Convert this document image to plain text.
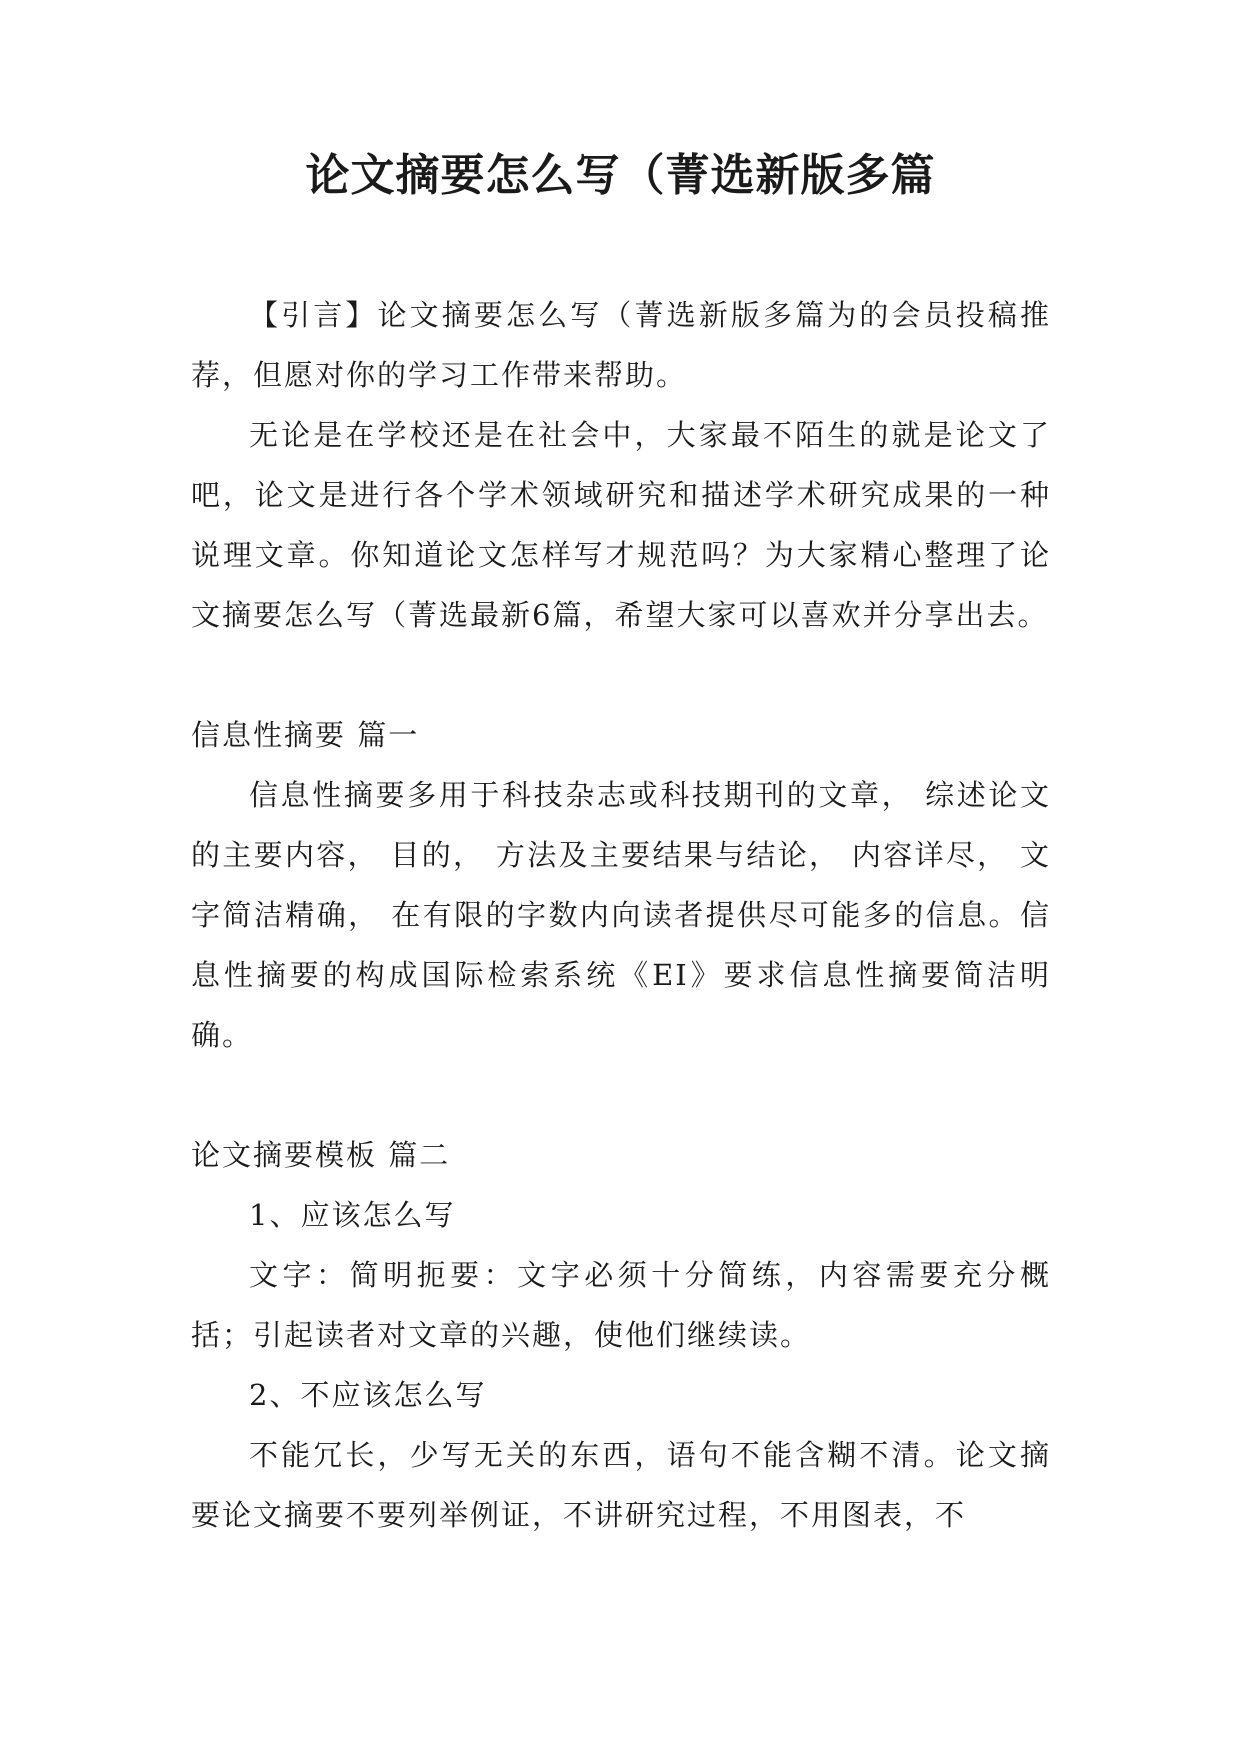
论文摘要怎么写（菁选新版多篇

【引言】论文摘要怎么写（菁选新版多篇为的会员投稿推荐，但愿对你的学习工作带来帮助。

无论是在学校还是在社会中，大家最不陌生的就是论文了吧，论文是进行各个学术领域研究和描述学术研究成果的一种说理文章。你知道论文怎样写才规范吗？为大家精心整理了论文摘要怎么写（菁选最新6篇，希望大家可以喜欢并分享出去。

信息性摘要 篇一

信息性摘要多用于科技杂志或科技期刊的文章， 综述论文的主要内容， 目的， 方法及主要结果与结论， 内容详尽， 文字简洁精确， 在有限的字数内向读者提供尽可能多的信息。信息性摘要的构成国际检索系统《EI》要求信息性摘要简洁明确。

论文摘要模板 篇二

1、应该怎么写

文字：简明扼要：文字必须十分简练，内容需要充分概括；引起读者对文章的兴趣，使他们继续读。

2、不应该怎么写

不能冗长，少写无关的东西，语句不能含糊不清。论文摘要论文摘要不要列举例证，不讲研究过程，不用图表，不
